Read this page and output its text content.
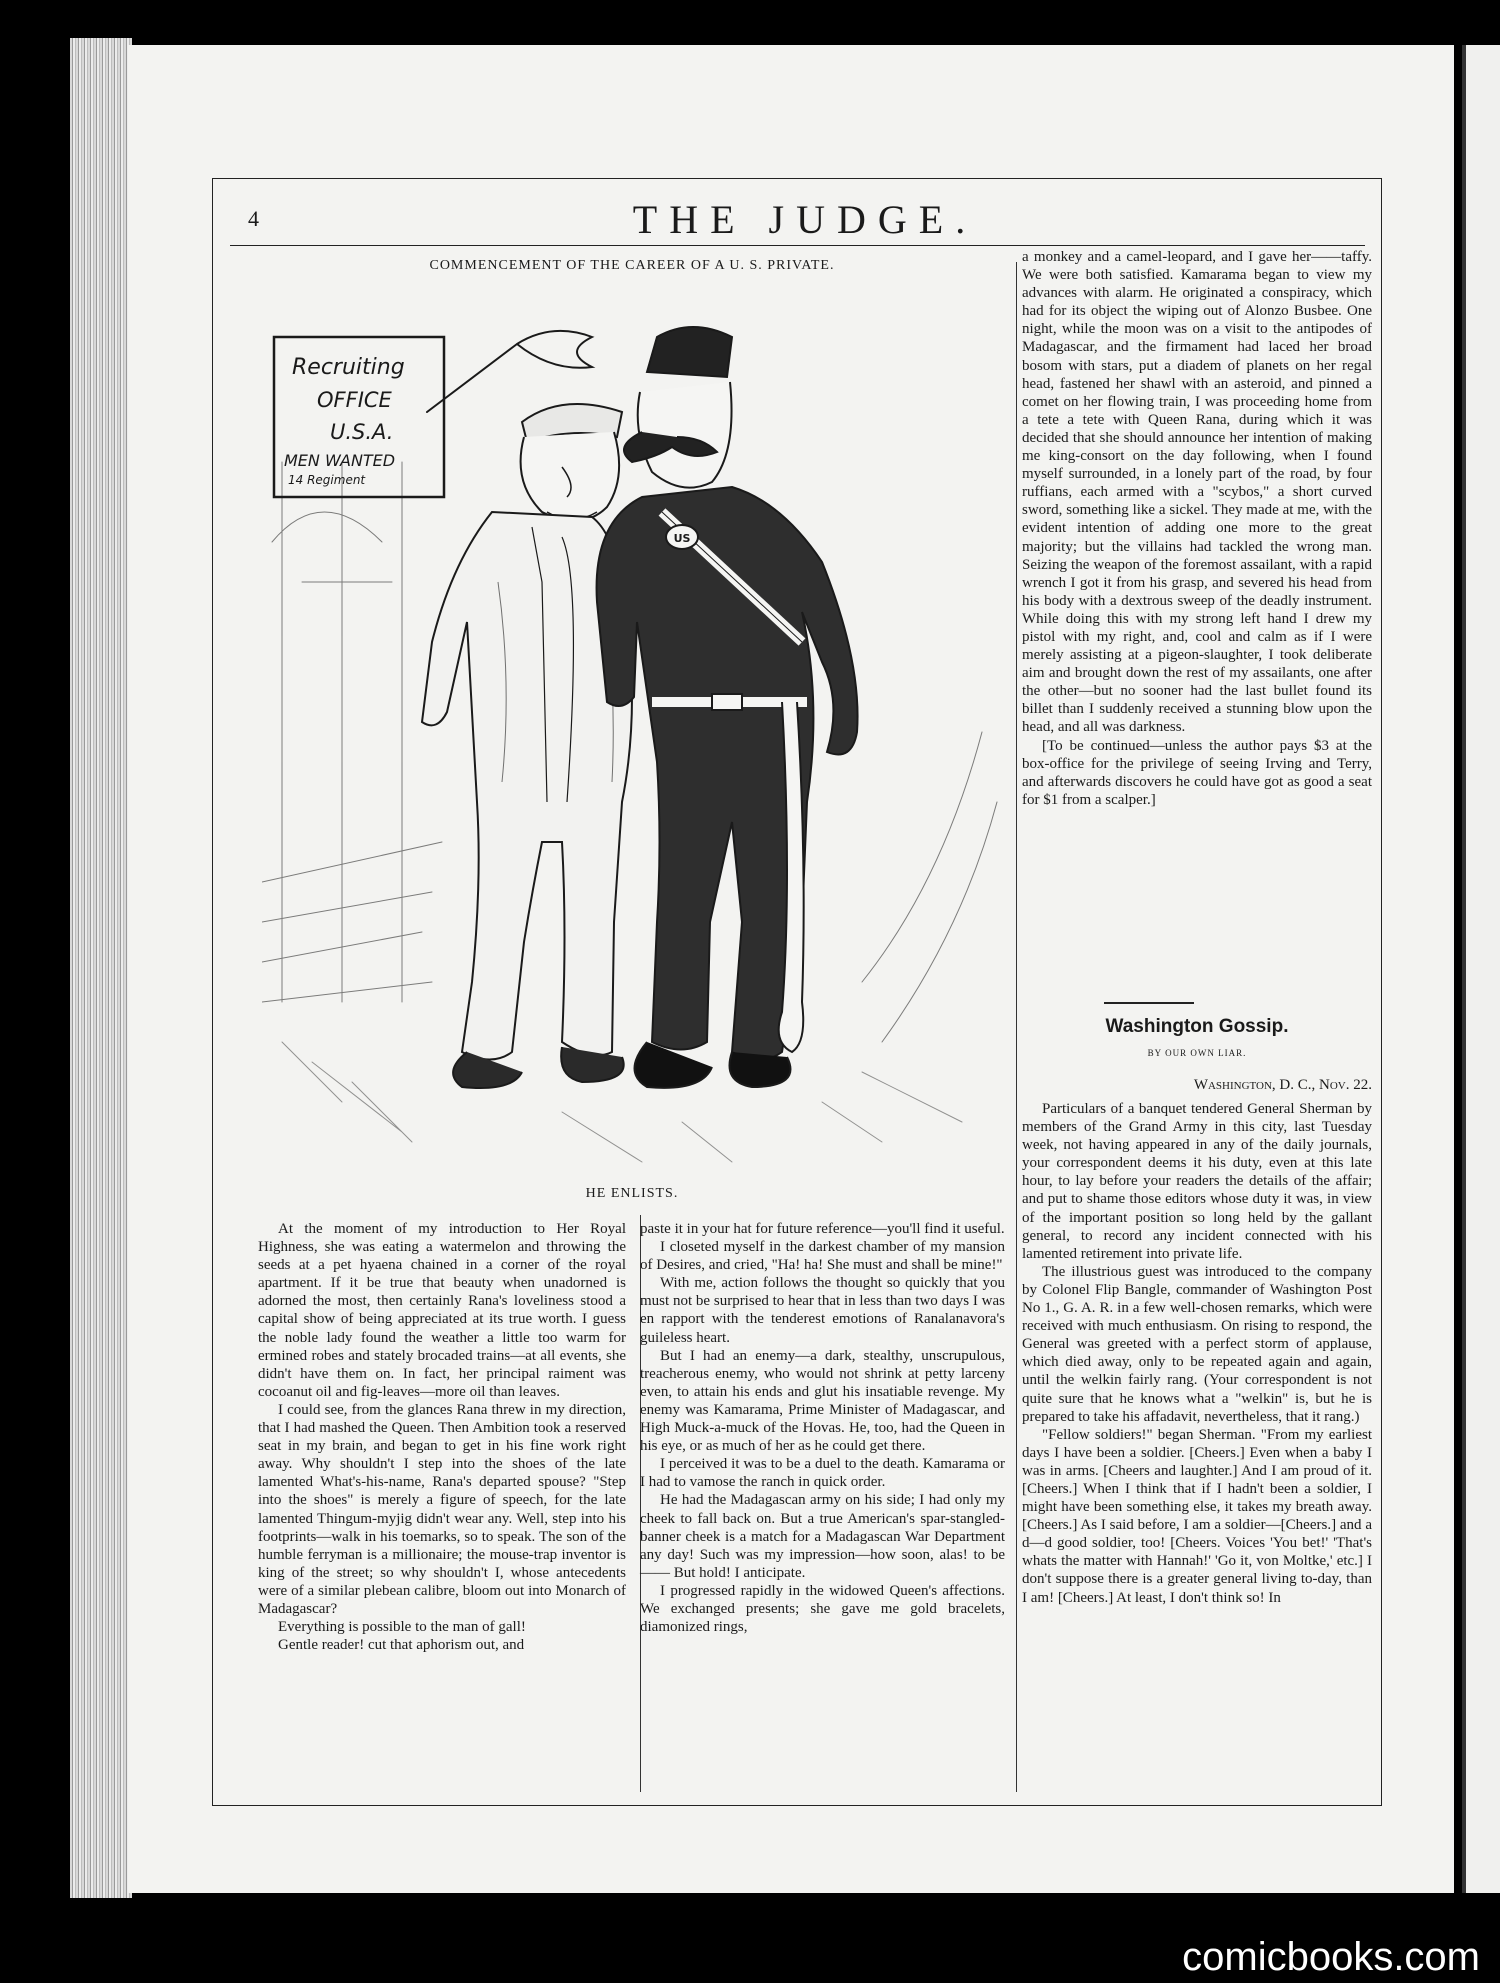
4	THE JUDGE.
COMMENCEMENT OF THE CAREER OF A U. S. PRIVATE.
Recruiting
OFFICE
U.S.A.
MEN WANTED
14 Regiment
US
HE ENLISTS.

At the moment of my introduction to Her Royal Highness, she was eating a watermelon and throwing the seeds at a pet hyaena chained in a corner of the royal apartment. If it be true that beauty when unadorned is adorned the most, then certainly Rana's loveliness stood a capital show of being appreciated at its true worth. I guess the noble lady found the weather a little too warm for ermined robes and stately brocaded trains—at all events, she didn't have them on. In fact, her principal raiment was cocoanut oil and fig-leaves—more oil than leaves.

I could see, from the glances Rana threw in my direction, that I had mashed the Queen. Then Ambition took a reserved seat in my brain, and began to get in his fine work right away. Why shouldn't I step into the shoes of the late lamented What's-his-name, Rana's departed spouse? "Step into the shoes" is merely a figure of speech, for the late lamented Thingum-myjig didn't wear any. Well, step into his footprints—walk in his toemarks, so to speak. The son of the humble ferryman is a millionaire; the mouse-trap inventor is king of the street; so why shouldn't I, whose antecedents were of a similar plebean calibre, bloom out into Monarch of Madagascar?

Everything is possible to the man of gall!

Gentle reader! cut that aphorism out, and

paste it in your hat for future reference—you'll find it useful.

I closeted myself in the darkest chamber of my mansion of Desires, and cried, "Ha! ha! She must and shall be mine!"

With me, action follows the thought so quickly that you must not be surprised to hear that in less than two days I was en rapport with the tenderest emotions of Ranalanavora's guileless heart.

But I had an enemy—a dark, stealthy, unscrupulous, treacherous enemy, who would not shrink at petty larceny even, to attain his ends and glut his insatiable revenge. My enemy was Kamarama, Prime Minister of Madagascar, and High Muck-a-muck of the Hovas. He, too, had the Queen in his eye, or as much of her as he could get there.

I perceived it was to be a duel to the death. Kamarama or I had to vamose the ranch in quick order.

He had the Madagascan army on his side; I had only my cheek to fall back on. But a true American's spar-stangled-banner cheek is a match for a Madagascan War Department any day! Such was my impression—how soon, alas! to be—— But hold! I anticipate.

I progressed rapidly in the widowed Queen's affections. We exchanged presents; she gave me gold bracelets, diamonized rings,

a monkey and a camel-leopard, and I gave her——taffy. We were both satisfied. Kamarama began to view my advances with alarm. He originated a conspiracy, which had for its object the wiping out of Alonzo Busbee. One night, while the moon was on a visit to the antipodes of Madagascar, and the firmament had laced her broad bosom with stars, put a diadem of planets on her regal head, fastened her shawl with an asteroid, and pinned a comet on her flowing train, I was proceeding home from a tete a tete with Queen Rana, during which it was decided that she should announce her intention of making me king-consort on the day following, when I found myself surrounded, in a lonely part of the road, by four ruffians, each armed with a "scybos," a short curved sword, something like a sickel. They made at me, with the evident intention of adding one more to the great majority; but the villains had tackled the wrong man. Seizing the weapon of the foremost assailant, with a rapid wrench I got it from his grasp, and severed his head from his body with a dextrous sweep of the deadly instrument. While doing this with my strong left hand I drew my pistol with my right, and, cool and calm as if I were merely assisting at a pigeon-slaughter, I took deliberate aim and brought down the rest of my assailants, one after the other—but no sooner had the last bullet found its billet than I suddenly received a stunning blow upon the head, and all was darkness.

[To be continued—unless the author pays $3 at the box-office for the privilege of seeing Irving and Terry, and afterwards discovers he could have got as good a seat for $1 from a scalper.]

Washington Gossip.
BY OUR OWN LIAR.
Washington, D. C., Nov. 22.

Particulars of a banquet tendered General Sherman by members of the Grand Army in this city, last Tuesday week, not having appeared in any of the daily journals, your correspondent deems it his duty, even at this late hour, to lay before your readers the details of the affair; and put to shame those editors whose duty it was, in view of the important position so long held by the gallant general, to record any incident connected with his lamented retirement into private life.

The illustrious guest was introduced to the company by Colonel Flip Bangle, commander of Washington Post No 1., G. A. R. in a few well-chosen remarks, which were received with much enthusiasm. On rising to respond, the General was greeted with a perfect storm of applause, which died away, only to be repeated again and again, until the welkin fairly rang. (Your correspondent is not quite sure that he knows what a "welkin" is, but he is prepared to take his affadavit, nevertheless, that it rang.)

"Fellow soldiers!" began Sherman. "From my earliest days I have been a soldier. [Cheers.] Even when a baby I was in arms. [Cheers and laughter.] And I am proud of it. [Cheers.] When I think that if I hadn't been a soldier, I might have been something else, it takes my breath away. [Cheers.] As I said before, I am a soldier—[Cheers.] and a d—d good soldier, too! [Cheers. Voices 'You bet!' 'That's whats the matter with Hannah!' 'Go it, von Moltke,' etc.] I don't suppose there is a greater general living to-day, than I am! [Cheers.] At least, I don't think so! In

comicbooks.com
